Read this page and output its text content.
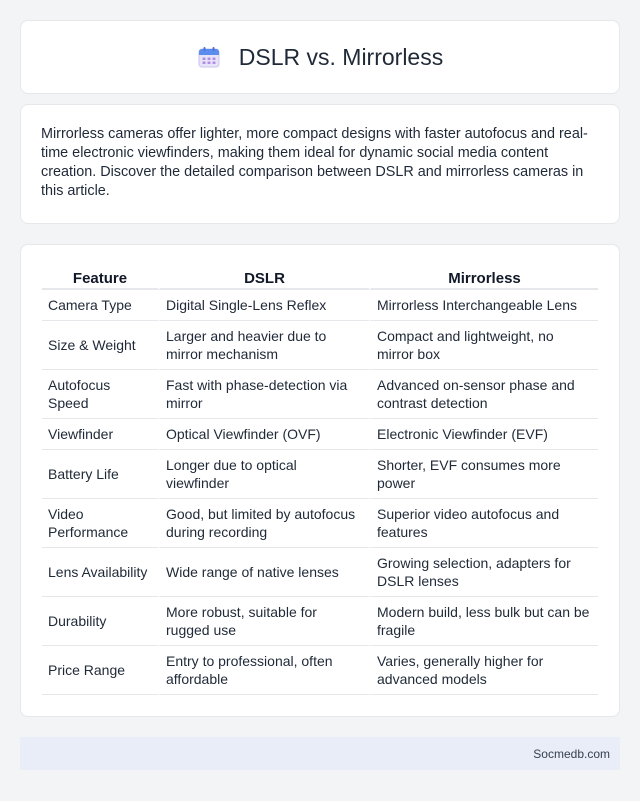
DSLR vs. Mirrorless

Mirrorless cameras offer lighter, more compact designs with faster autofocus and real-time electronic viewfinders, making them ideal for dynamic social media content creation. Discover the detailed comparison between DSLR and mirrorless cameras in this article.

Feature	DSLR	Mirrorless
Camera Type	Digital Single-Lens Reflex	Mirrorless Interchangeable Lens
Size & Weight	Larger and heavier due to mirror mechanism	Compact and lightweight, no mirror box
Autofocus Speed	Fast with phase-detection via mirror	Advanced on-sensor phase and contrast detection
Viewfinder	Optical Viewfinder (OVF)	Electronic Viewfinder (EVF)
Battery Life	Longer due to optical viewfinder	Shorter, EVF consumes more power
Video Performance	Good, but limited by autofocus during recording	Superior video autofocus and features
Lens Availability	Wide range of native lenses	Growing selection, adapters for DSLR lenses
Durability	More robust, suitable for rugged use	Modern build, less bulk but can be fragile
Price Range	Entry to professional, often affordable	Varies, generally higher for advanced models
Socmedb.com
